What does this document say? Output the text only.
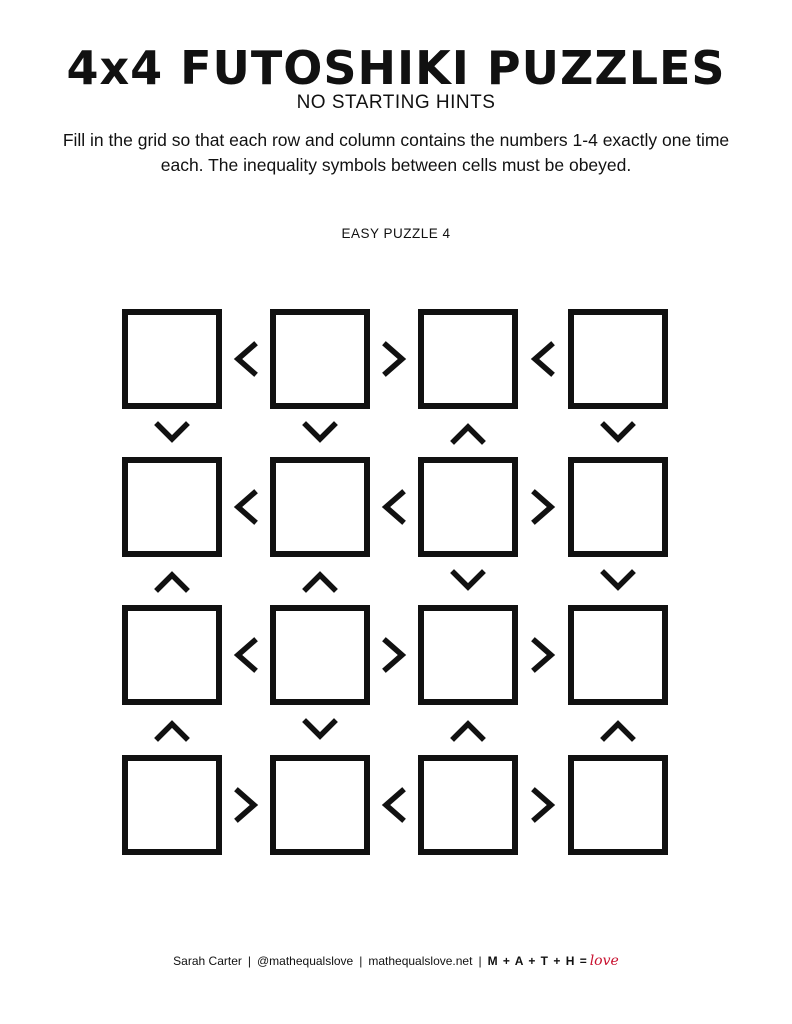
4x4 FUTOSHIKI PUZZLES
NO STARTING HINTS
Fill in the grid so that each row and column contains the numbers 1-4 exactly one time each. The inequality symbols between cells must be obeyed.
EASY PUZZLE 4
Sarah Carter | @mathequalslove | mathequalslove.net | M + A + T + H = love
